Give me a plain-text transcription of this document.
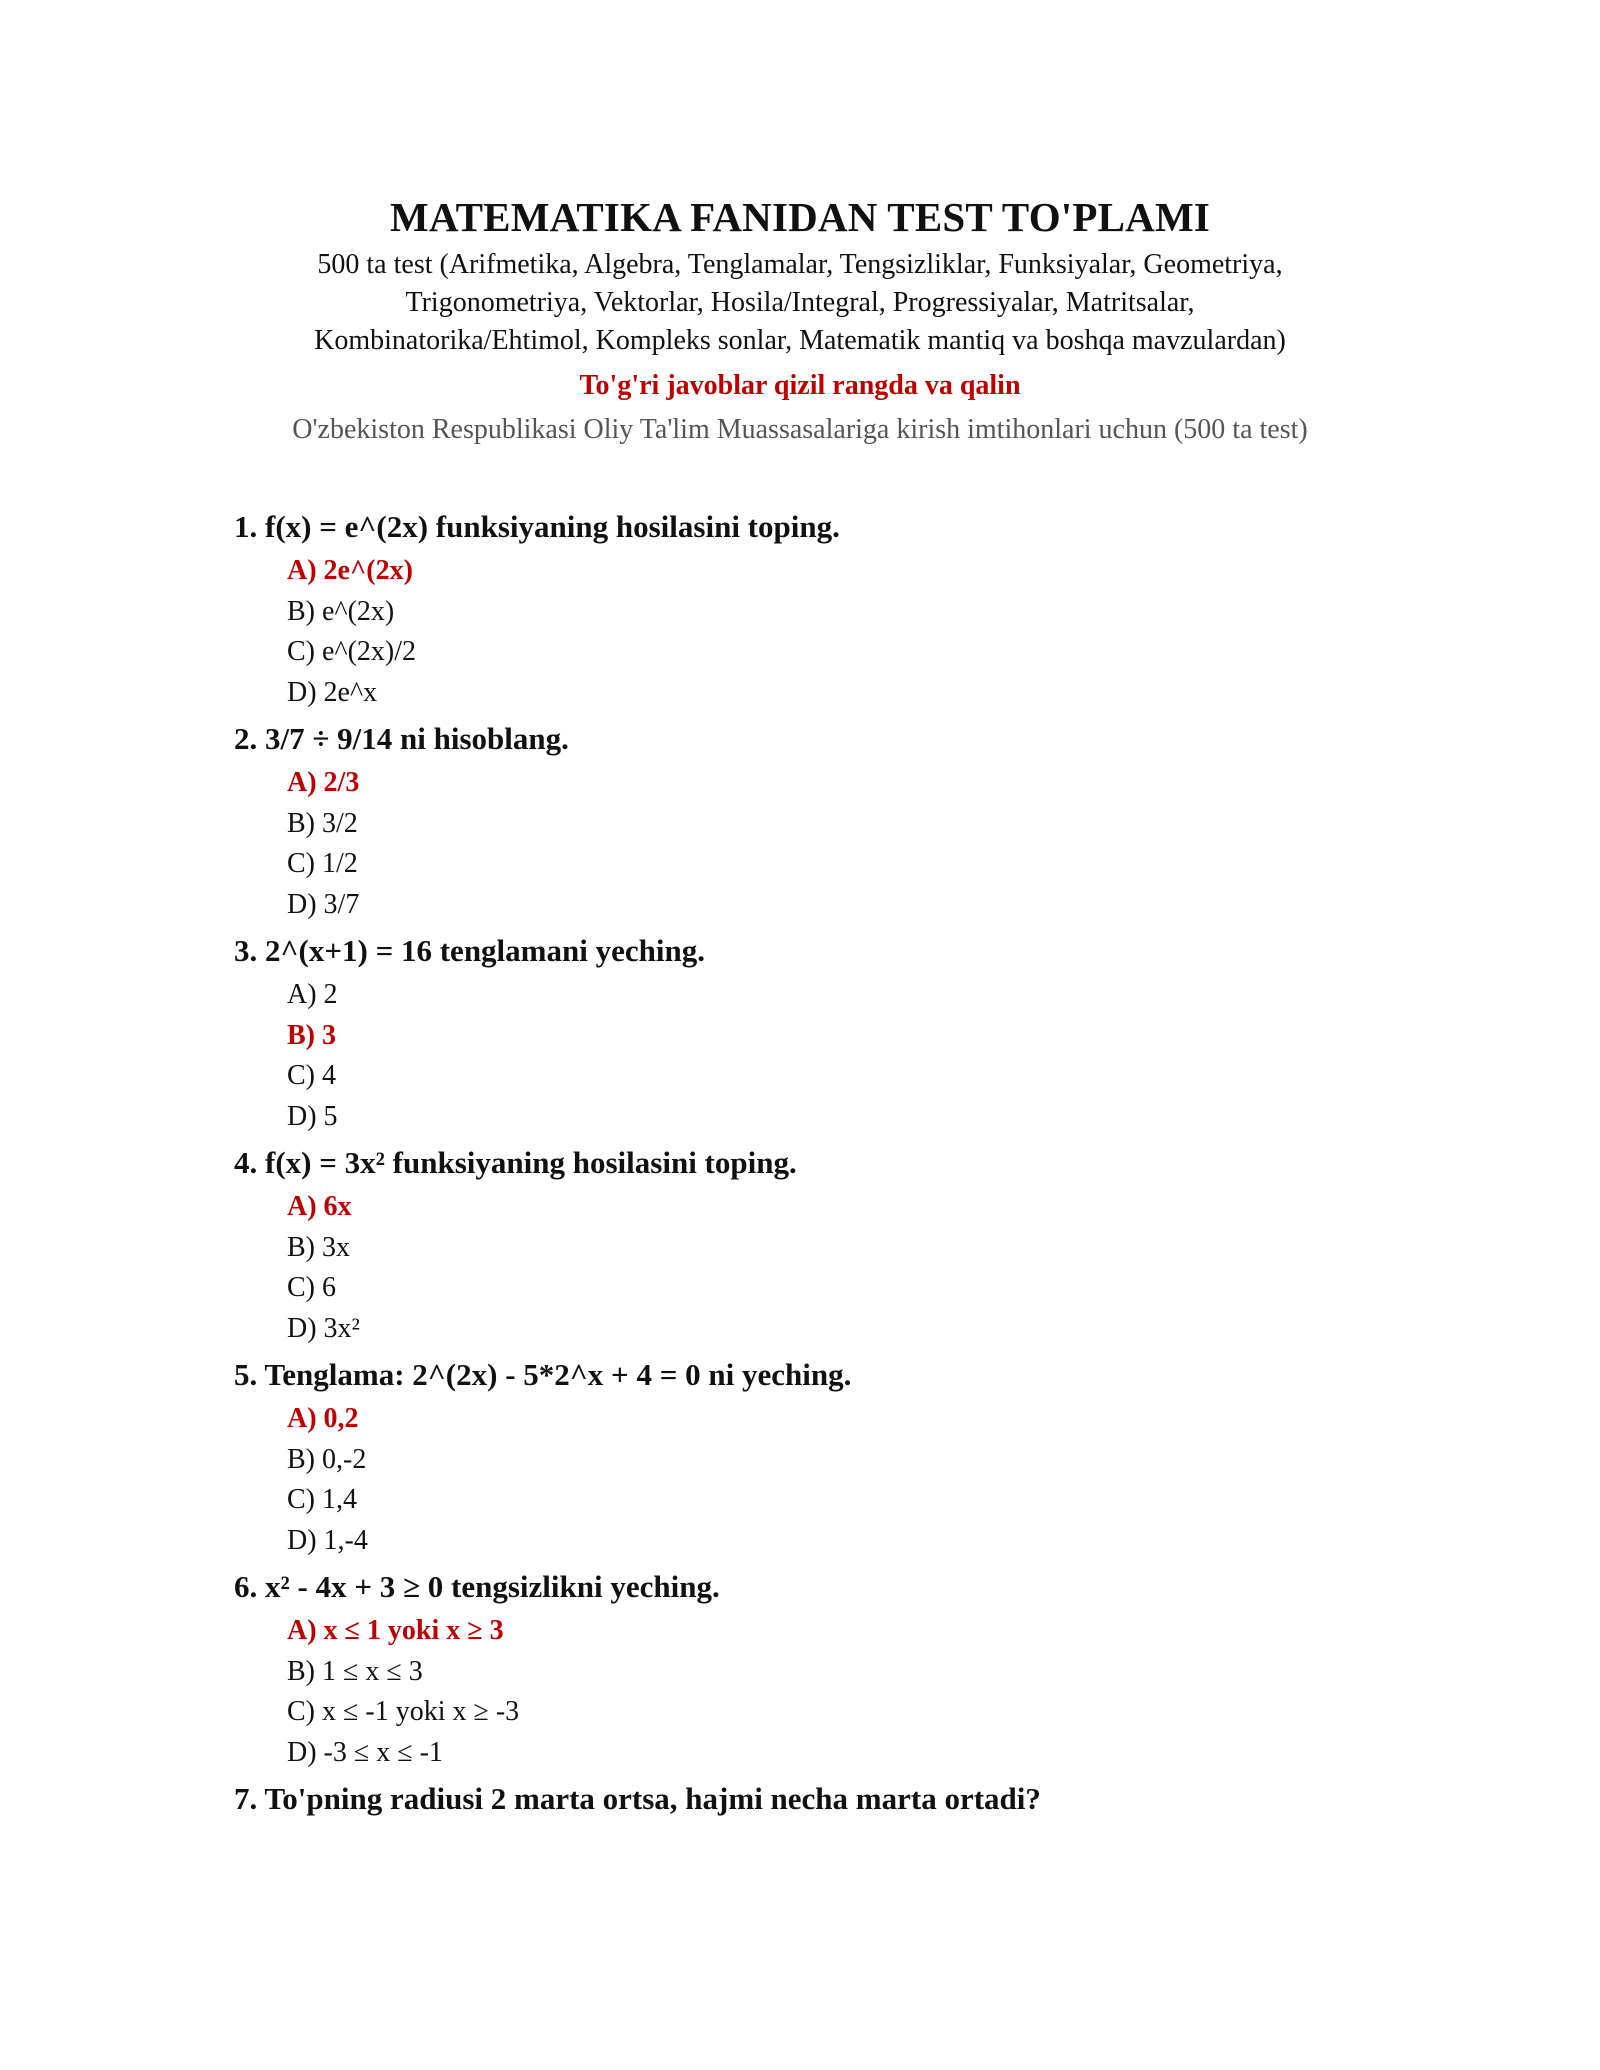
MATEMATIKA FANIDAN TEST TO'PLAMI
500 ta test (Arifmetika, Algebra, Tenglamalar, Tengsizliklar, Funksiyalar, Geometriya, Trigonometriya, Vektorlar, Hosila/Integral, Progressiyalar, Matritsalar, Kombinatorika/Ehtimol, Kompleks sonlar, Matematik mantiq va boshqa mavzulardan)
To'g'ri javoblar qizil rangda va qalin
O'zbekiston Respublikasi Oliy Ta'lim Muassasalariga kirish imtihonlari uchun (500 ta test)
1. f(x) = e^(2x) funksiyaning hosilasini toping.
A) 2e^(2x)
B) e^(2x)
C) e^(2x)/2
D) 2e^x
2. 3/7 ÷ 9/14 ni hisoblang.
A) 2/3
B) 3/2
C) 1/2
D) 3/7
3. 2^(x+1) = 16 tenglamani yeching.
A) 2
B) 3
C) 4
D) 5
4. f(x) = 3x² funksiyaning hosilasini toping.
A) 6x
B) 3x
C) 6
D) 3x²
5. Tenglama: 2^(2x) - 5*2^x + 4 = 0 ni yeching.
A) 0,2
B) 0,-2
C) 1,4
D) 1,-4
6. x² - 4x + 3 ≥ 0 tengsizlikni yeching.
A) x ≤ 1 yoki x ≥ 3
B) 1 ≤ x ≤ 3
C) x ≤ -1 yoki x ≥ -3
D) -3 ≤ x ≤ -1
7. To'pning radiusi 2 marta ortsa, hajmi necha marta ortadi?
